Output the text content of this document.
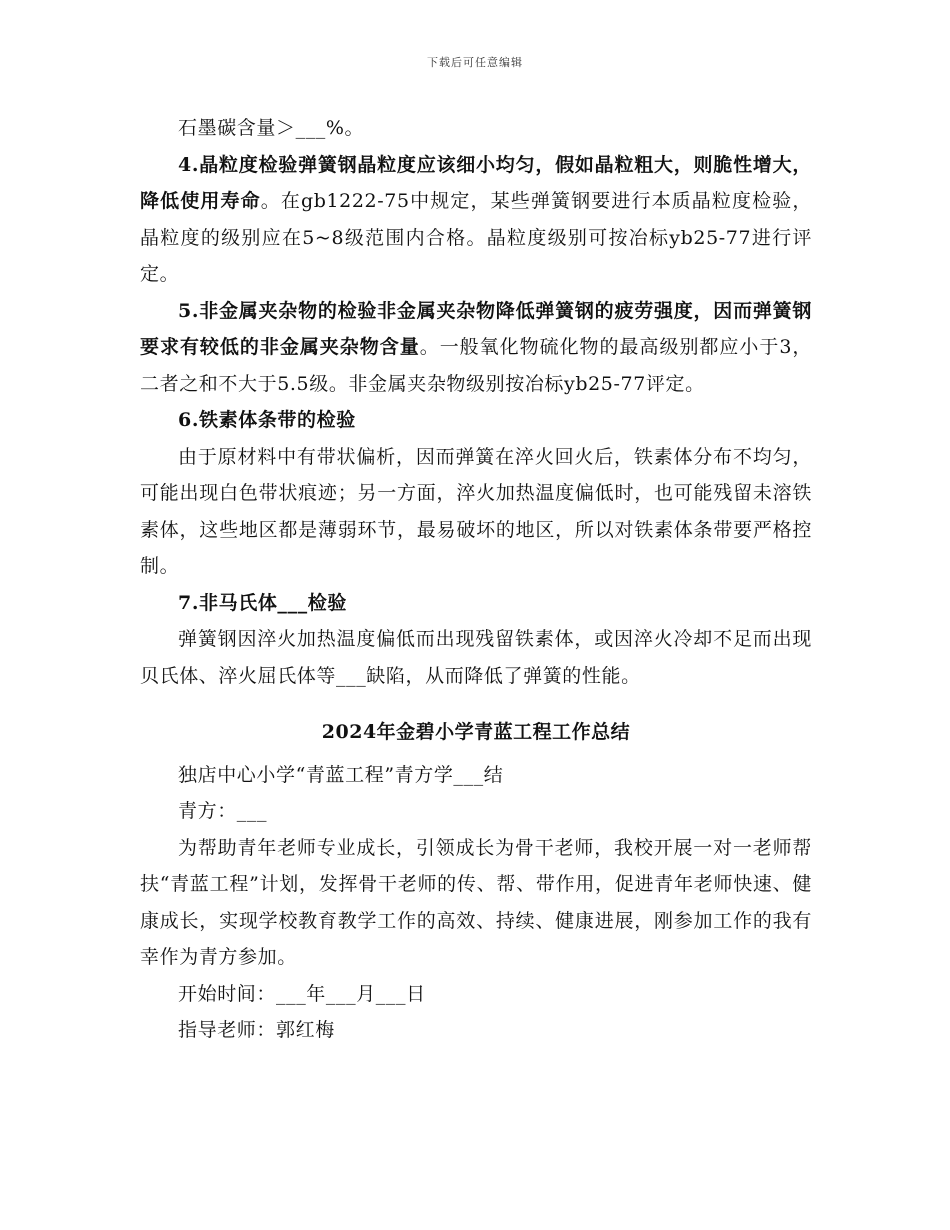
下载后可任意编辑

石墨碳含量＞___%。

4.晶粒度检验弹簧钢晶粒度应该细小均匀，假如晶粒粗大，则脆性增大，降低使用寿命。在gb1222-75中规定，某些弹簧钢要进行本质晶粒度检验，晶粒度的级别应在5~8级范围内合格。晶粒度级别可按冶标yb25-77进行评定。

5.非金属夹杂物的检验非金属夹杂物降低弹簧钢的疲劳强度，因而弹簧钢要求有较低的非金属夹杂物含量。一般氧化物硫化物的最高级别都应小于3，二者之和不大于5.5级。非金属夹杂物级别按冶标yb25-77评定。

6.铁素体条带的检验

由于原材料中有带状偏析，因而弹簧在淬火回火后，铁素体分布不均匀，可能出现白色带状痕迹；另一方面，淬火加热温度偏低时，也可能残留未溶铁素体，这些地区都是薄弱环节，最易破坏的地区，所以对铁素体条带要严格控制。

7.非马氏体___检验

弹簧钢因淬火加热温度偏低而出现残留铁素体，或因淬火冷却不足而出现贝氏体、淬火屈氏体等___缺陷，从而降低了弹簧的性能。

2024年金碧小学青蓝工程工作总结

独店中心小学“青蓝工程”青方学___结

青方：___

为帮助青年老师专业成长，引领成长为骨干老师，我校开展一对一老师帮扶“青蓝工程”计划，发挥骨干老师的传、帮、带作用，促进青年老师快速、健康成长，实现学校教育教学工作的高效、持续、健康进展，刚参加工作的我有幸作为青方参加。

开始时间：___年___月___日

指导老师：郭红梅
